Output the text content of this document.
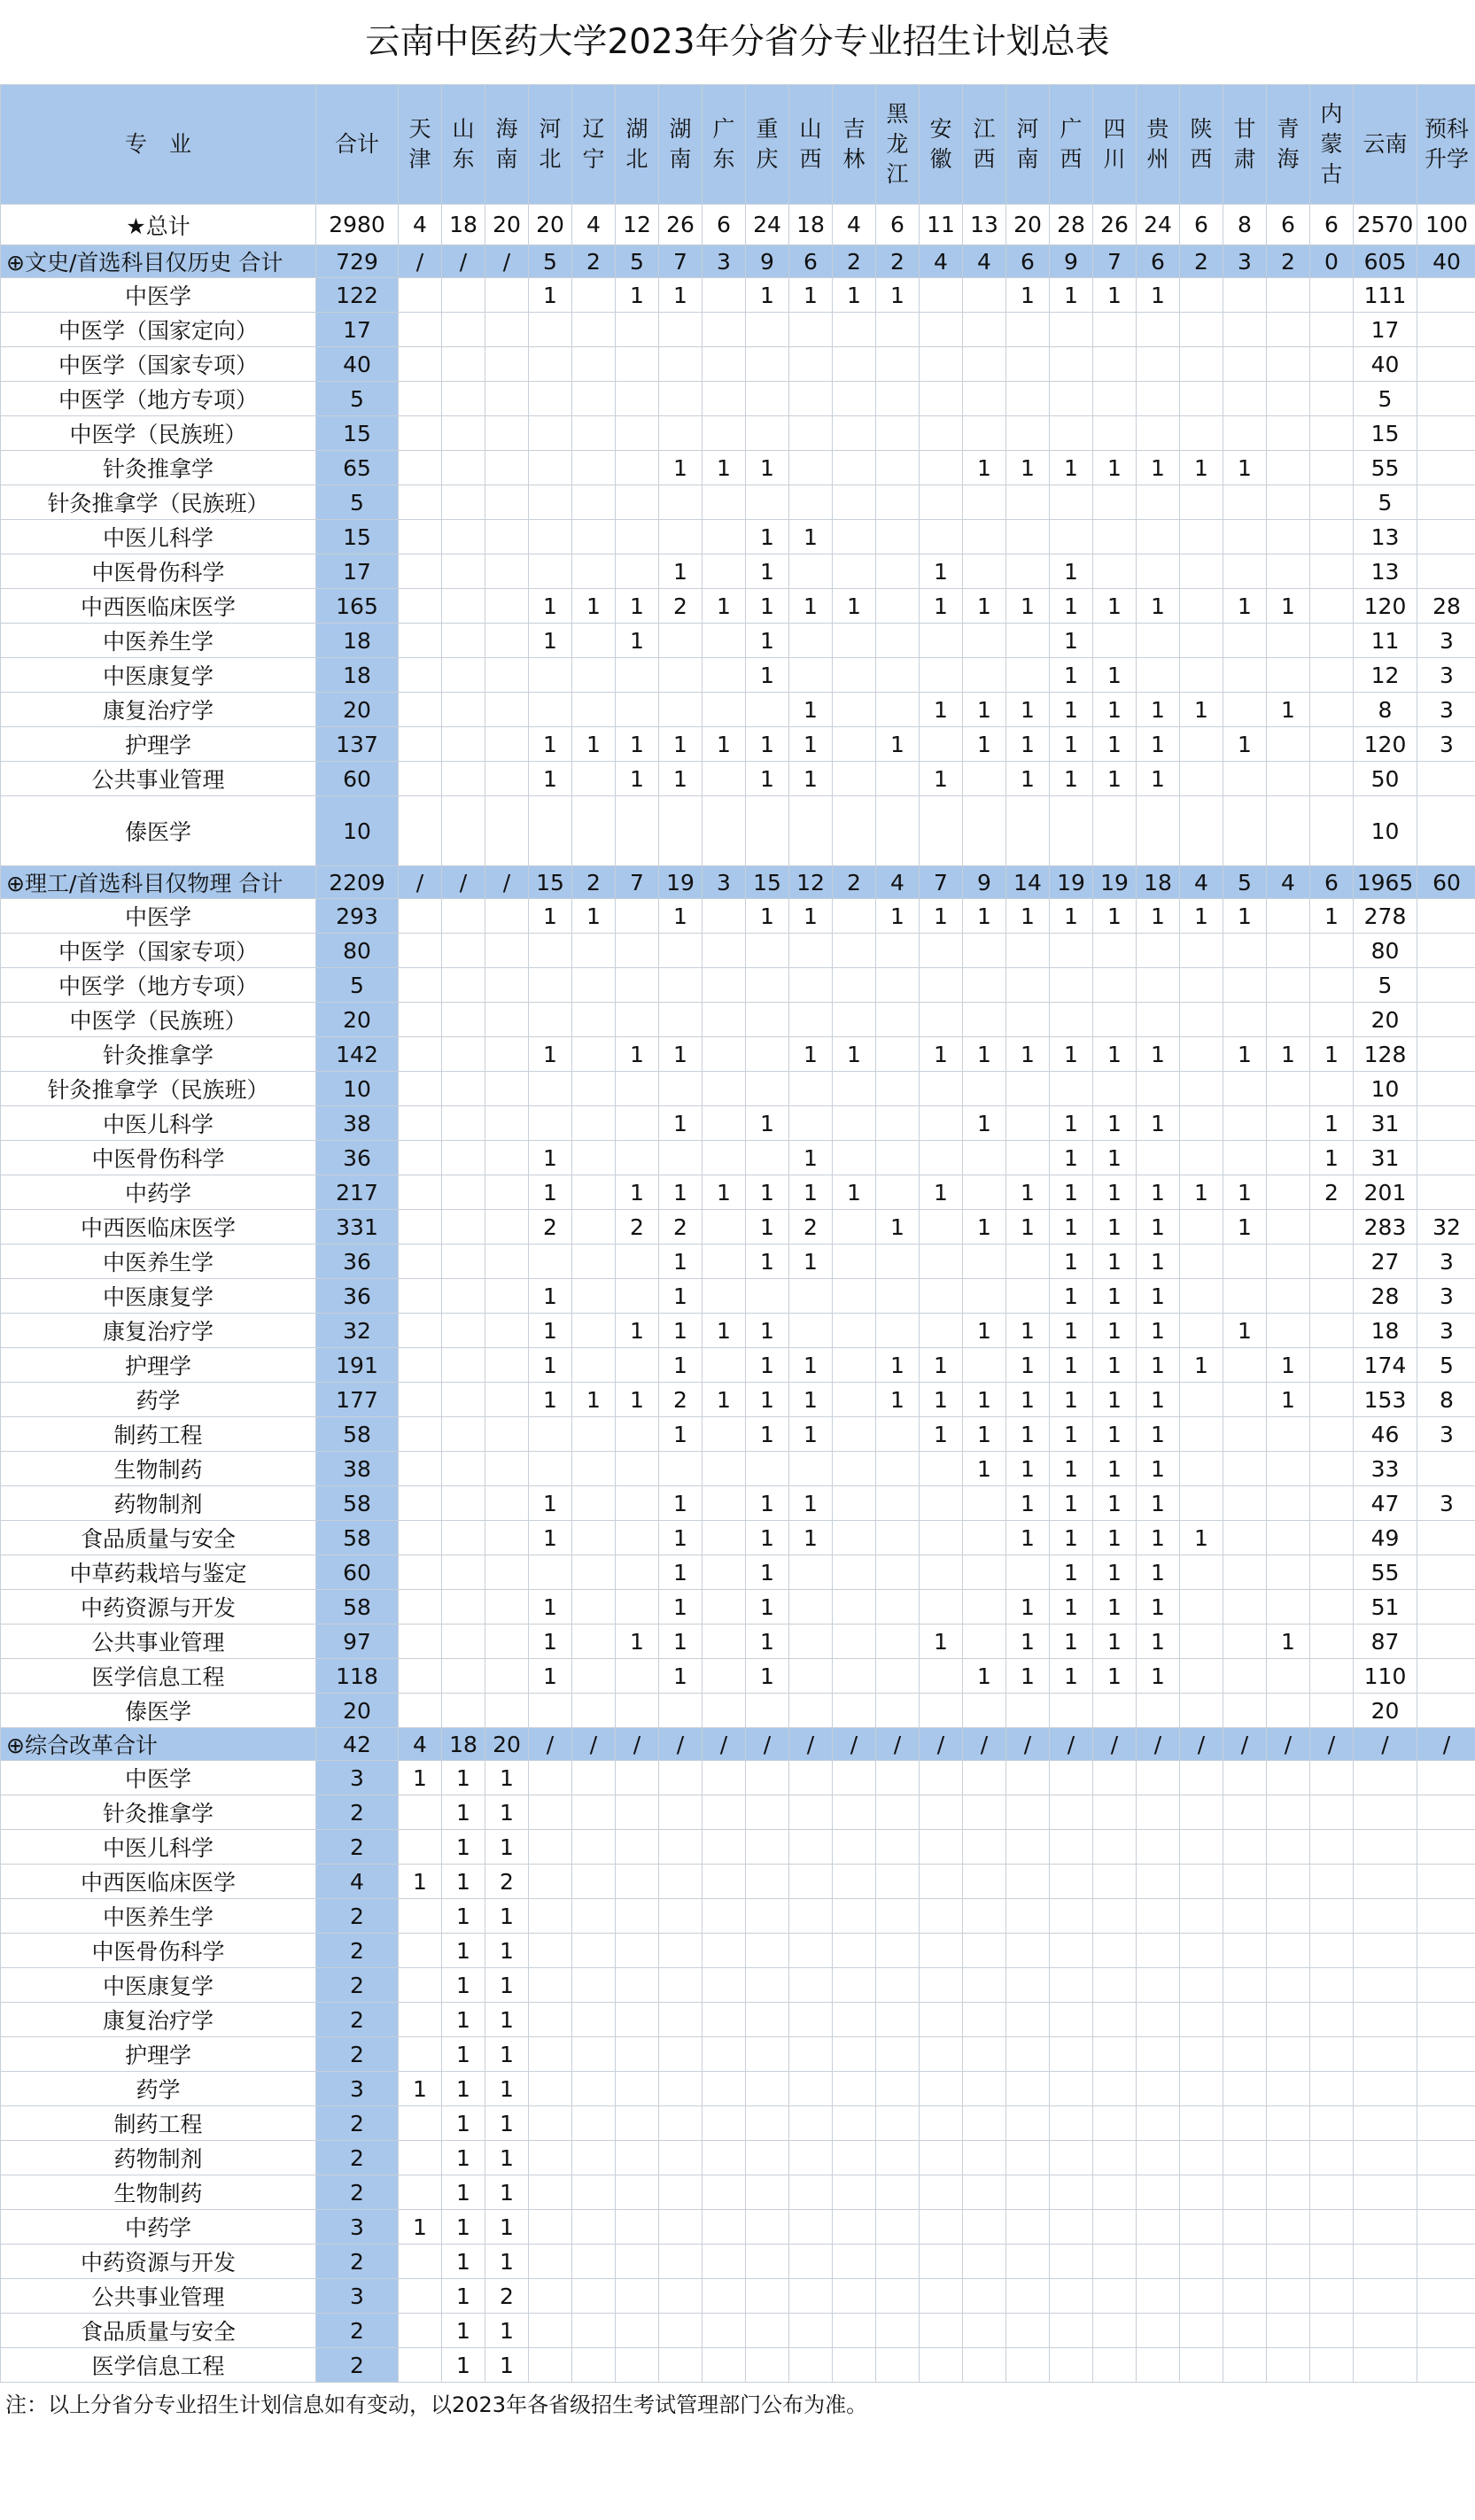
云南中医药大学2023年分省分专业招生计划总表
专　业	合计	天津	山东	海南	河北	辽宁	湖北	湖南	广东	重庆	山西	吉林	黑龙江	安徽	江西	河南	广西	四川	贵州	陕西	甘肃	青海	内蒙古	云南	预科升学
★总计	2980	4	18	20	20	4	12	26	6	24	18	4	6	11	13	20	28	26	24	6	8	6	6	2570	100
⊕文史/首选科目仅历史 合计	729	/	/	/	5	2	5	7	3	9	6	2	2	4	4	6	9	7	6	2	3	2	0	605	40
中医学	122				1		1	1		1	1	1	1			1	1	1	1					111	
中医学（国家定向）	17																							17	
中医学（国家专项）	40																							40	
中医学（地方专项）	5																							5	
中医学（民族班）	15																							15	
针灸推拿学	65							1	1	1					1	1	1	1	1	1	1			55	
针灸推拿学（民族班）	5																							5	
中医儿科学	15									1	1													13	
中医骨伤科学	17							1		1				1			1							13	
中西医临床医学	165				1	1	1	2	1	1	1	1		1	1	1	1	1	1		1	1		120	28
中医养生学	18				1		1			1							1							11	3
中医康复学	18									1							1	1						12	3
康复治疗学	20										1			1	1	1	1	1	1	1		1		8	3
护理学	137				1	1	1	1	1	1	1		1		1	1	1	1	1		1			120	3
公共事业管理	60				1		1	1		1	1			1		1	1	1	1					50	
傣医学	10																							10	
⊕理工/首选科目仅物理 合计	2209	/	/	/	15	2	7	19	3	15	12	2	4	7	9	14	19	19	18	4	5	4	6	1965	60
中医学	293				1	1		1		1	1		1	1	1	1	1	1	1	1	1		1	278	
中医学（国家专项）	80																							80	
中医学（地方专项）	5																							5	
中医学（民族班）	20																							20	
针灸推拿学	142				1		1	1			1	1		1	1	1	1	1	1		1	1	1	128	
针灸推拿学（民族班）	10																							10	
中医儿科学	38							1		1					1		1	1	1				1	31	
中医骨伤科学	36				1						1						1	1					1	31	
中药学	217				1		1	1	1	1	1	1		1		1	1	1	1	1	1		2	201	
中西医临床医学	331				2		2	2		1	2		1		1	1	1	1	1		1			283	32
中医养生学	36							1		1	1						1	1	1					27	3
中医康复学	36				1			1									1	1	1					28	3
康复治疗学	32				1		1	1	1	1					1	1	1	1	1		1			18	3
护理学	191				1			1		1	1		1	1		1	1	1	1	1		1		174	5
药学	177				1	1	1	2	1	1	1		1	1	1	1	1	1	1			1		153	8
制药工程	58							1		1	1			1	1	1	1	1	1					46	3
生物制药	38														1	1	1	1	1					33	
药物制剂	58				1			1		1	1					1	1	1	1					47	3
食品质量与安全	58				1			1		1	1					1	1	1	1	1				49	
中草药栽培与鉴定	60							1		1							1	1	1					55	
中药资源与开发	58				1			1		1						1	1	1	1					51	
公共事业管理	97				1		1	1		1				1		1	1	1	1			1		87	
医学信息工程	118				1			1		1					1	1	1	1	1					110	
傣医学	20																							20	
⊕综合改革合计	42	4	18	20	/	/	/	/	/	/	/	/	/	/	/	/	/	/	/	/	/	/	/	/	/
中医学	3	1	1	1																					
针灸推拿学	2		1	1																					
中医儿科学	2		1	1																					
中西医临床医学	4	1	1	2																					
中医养生学	2		1	1																					
中医骨伤科学	2		1	1																					
中医康复学	2		1	1																					
康复治疗学	2		1	1																					
护理学	2		1	1																					
药学	3	1	1	1																					
制药工程	2		1	1																					
药物制剂	2		1	1																					
生物制药	2		1	1																					
中药学	3	1	1	1																					
中药资源与开发	2		1	1																					
公共事业管理	3		1	2																					
食品质量与安全	2		1	1																					
医学信息工程	2		1	1																					
注：以上分省分专业招生计划信息如有变动，以2023年各省级招生考试管理部门公布为准。
